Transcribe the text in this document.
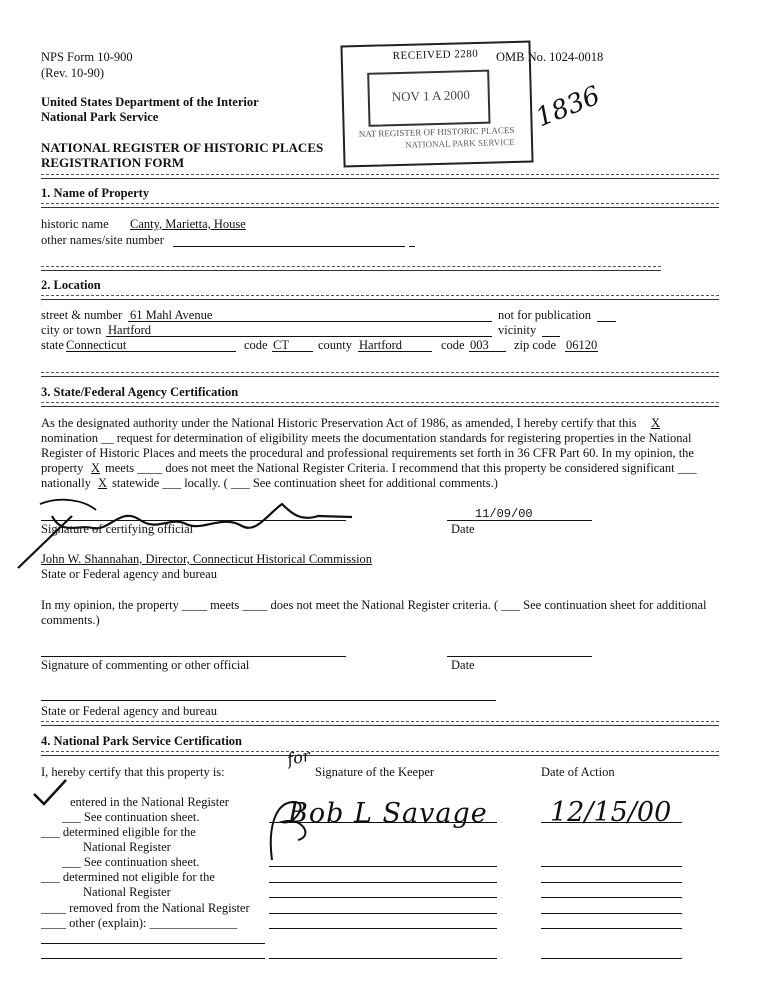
NPS Form 10-900
(Rev. 10-90)
OMB No. 1024-0018
United States Department of the Interior
National Park Service
NATIONAL REGISTER OF HISTORIC PLACES
REGISTRATION FORM
RECEIVED 2280
NOV 1 A 2000
NAT REGISTER OF HISTORIC PLACES
NATIONAL PARK SERVICE
1836
1. Name of Property
historic name Canty, Marietta, House
other names/site number
2. Location
street & number 61 Mahl Avenue	not for publication
city or town Hartford	vicinity
state Connecticut	code CT county Hartford	code 003 zip code 06120
3. State/Federal Agency Certification
As the designated authority under the National Historic Preservation Act of 1986, as amended, I hereby certify that this X
nomination __ request for determination of eligibility meets the documentation standards for registering properties in the National
Register of Historic Places and meets the procedural and professional requirements set forth in 36 CFR Part 60. In my opinion, the
property X meets ____ does not meet the National Register Criteria. I recommend that this property be considered significant ___
nationally X statewide ___ locally. ( ___ See continuation sheet for additional comments.)
Signature of certifying official
11/09/00
Date
John W. Shannahan, Director, Connecticut Historical Commission
State or Federal agency and bureau
In my opinion, the property ____ meets ____ does not meet the National Register criteria. ( ___ See continuation sheet for additional
comments.)
Signature of commenting or other official	Date
State or Federal agency and bureau
4. National Park Service Certification
I, hereby certify that this property is:	Signature of the Keeper	Date of Action
for
entered in the National Register
___ See continuation sheet.
___ determined eligible for the
National Register
___ See continuation sheet.
___ determined not eligible for the
National Register
____ removed from the National Register
____ other (explain): ______________
Bob L Savage 12/15/00
